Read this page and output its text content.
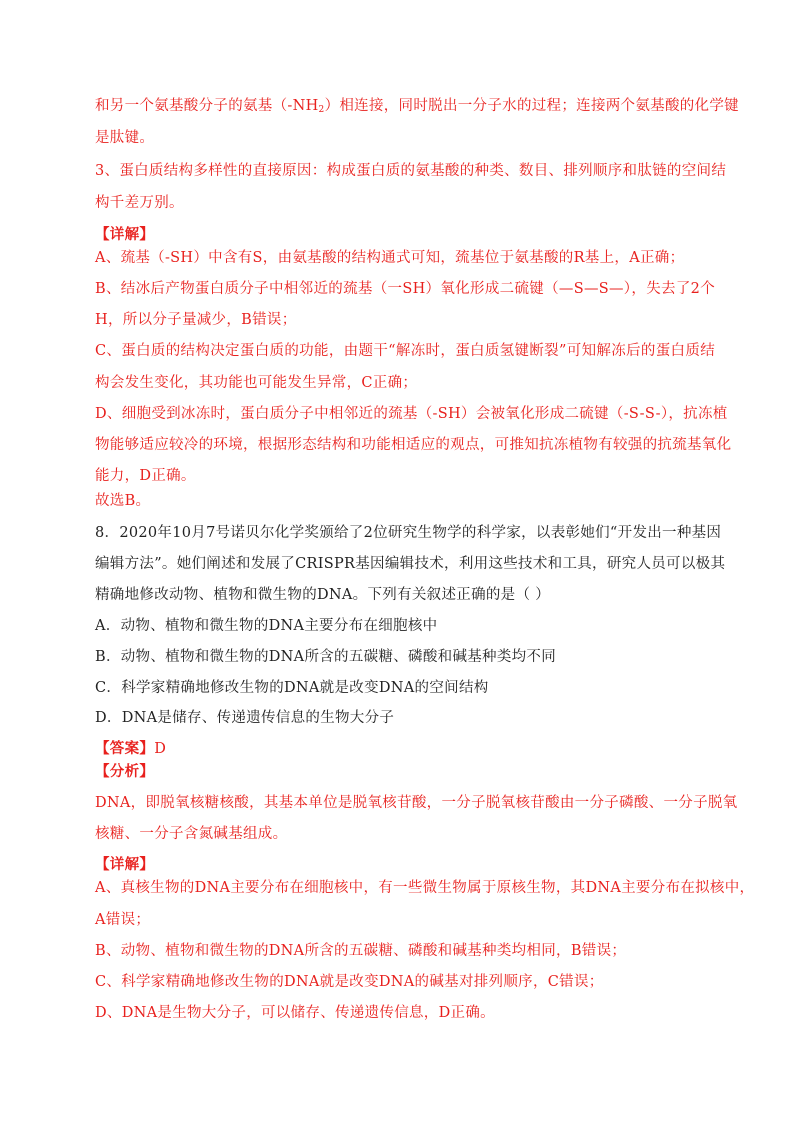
和另一个氨基酸分子的氨基$(-NH_2)$相连接，同时脱出一分子水的过程；连接两个氨基酸的化学键
是肽键。
3、蛋白质结构多样性的直接原因：构成蛋白质的氨基酸的种类、数目、排列顺序和肽链的空间结
构千差万别。
【详解】
A、巯基（-SH）中含有S，由氨基酸的结构通式可知，巯基位于氨基酸的R基上，A正确；
B、结冰后产物蛋白质分子中相邻近的巯基（一SH）氧化形成二硫键（—S—S—），失去了2个
H，所以分子量减少，B错误；
C、蛋白质的结构决定蛋白质的功能，由题干“解冻时，蛋白质氢键断裂”可知解冻后的蛋白质结
构会发生变化，其功能也可能发生异常，C正确；
D、细胞受到冰冻时，蛋白质分子中相邻近的巯基（-SH）会被氧化形成二硫键（-S-S-），抗冻植
物能够适应较冷的环境，根据形态结构和功能相适应的观点，可推知抗冻植物有较强的抗巯基氧化
能力，D正确。
故选B。
8．2020年10月7号诺贝尔化学奖颁给了2位研究生物学的科学家，以表彰她们“开发出一种基因
编辑方法”。她们阐述和发展了CRISPR基因编辑技术，利用这些技术和工具，研究人员可以极其
精确地修改动物、植物和微生物的DNA。下列有关叙述正确的是（ ）
A．动物、植物和微生物的DNA主要分布在细胞核中
B．动物、植物和微生物的DNA所含的五碳糖、磷酸和碱基种类均不同
C．科学家精确地修改生物的DNA就是改变DNA的空间结构
D．DNA是储存、传递遗传信息的生物大分子
【答案】D
【分析】
DNA，即脱氧核糖核酸，其基本单位是脱氧核苷酸，一分子脱氧核苷酸由一分子磷酸、一分子脱氧
核糖、一分子含氮碱基组成。
【详解】
A、真核生物的DNA主要分布在细胞核中，有一些微生物属于原核生物，其DNA主要分布在拟核中，
A错误；
B、动物、植物和微生物的DNA所含的五碳糖、磷酸和碱基种类均相同，B错误；
C、科学家精确地修改生物的DNA就是改变DNA的碱基对排列顺序，C错误；
D、DNA是生物大分子，可以储存、传递遗传信息，D正确。
